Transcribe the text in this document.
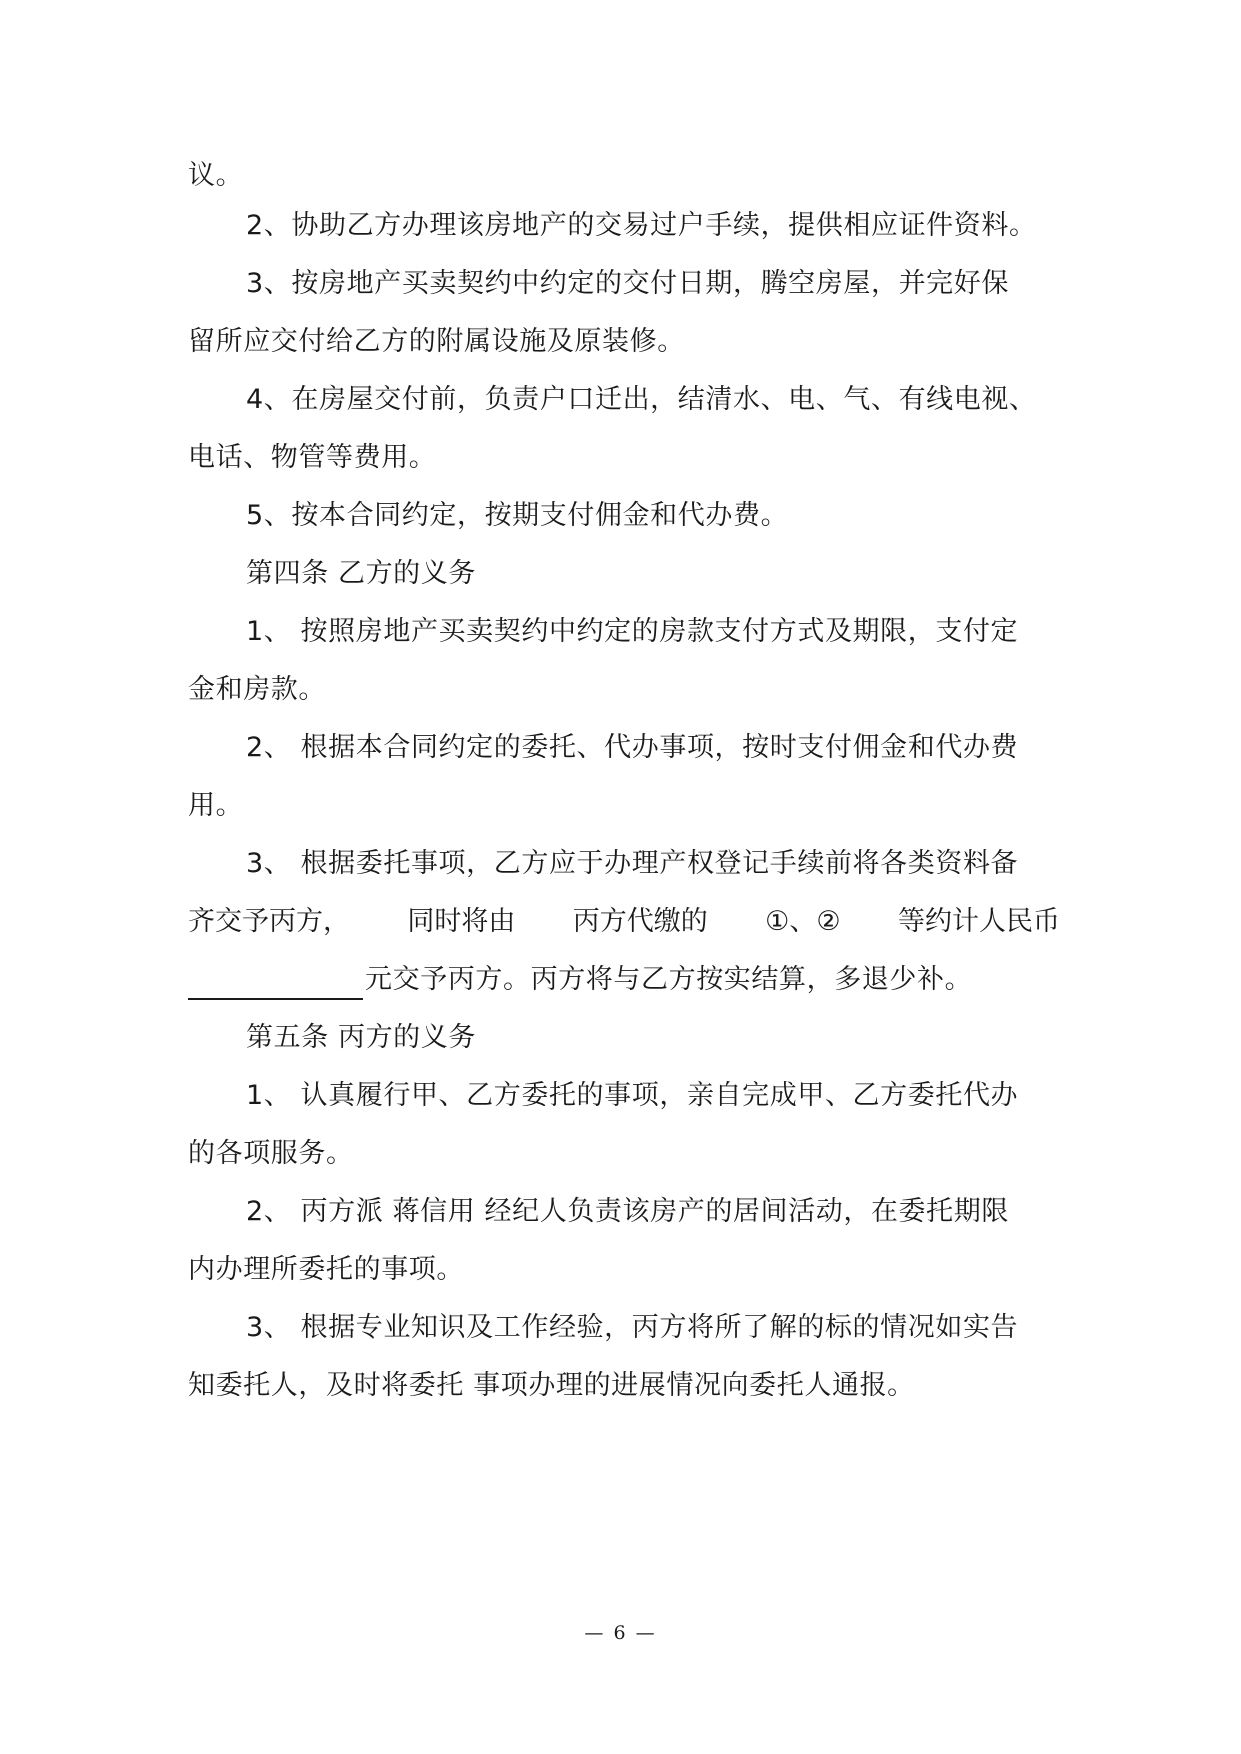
议。
2、协助乙方办理该房地产的交易过户手续，提供相应证件资料。
3、按房地产买卖契约中约定的交付日期，腾空房屋，并完好保
留所应交付给乙方的附属设施及原装修。
4、在房屋交付前，负责户口迁出，结清水、电、气、有线电视、
电话、物管等费用。
5、按本合同约定，按期支付佣金和代办费。
第四条 乙方的义务
1、 按照房地产买卖契约中约定的房款支付方式及期限，支付定
金和房款。
2、 根据本合同约定的委托、代办事项，按时支付佣金和代办费
用。
3、 根据委托事项，乙方应于办理产权登记手续前将各类资料备
齐交予丙方， 同时将由 丙方代缴的 ①、② 等约计人民币
元交予丙方。丙方将与乙方按实结算，多退少补。
第五条 丙方的义务
1、 认真履行甲、乙方委托的事项，亲自完成甲、乙方委托代办
的各项服务。
2、 丙方派 蒋信用 经纪人负责该房产的居间活动，在委托期限
内办理所委托的事项。
3、 根据专业知识及工作经验，丙方将所了解的标的情况如实告
知委托人，及时将委托 事项办理的进展情况向委托人通报。
— 6 —
